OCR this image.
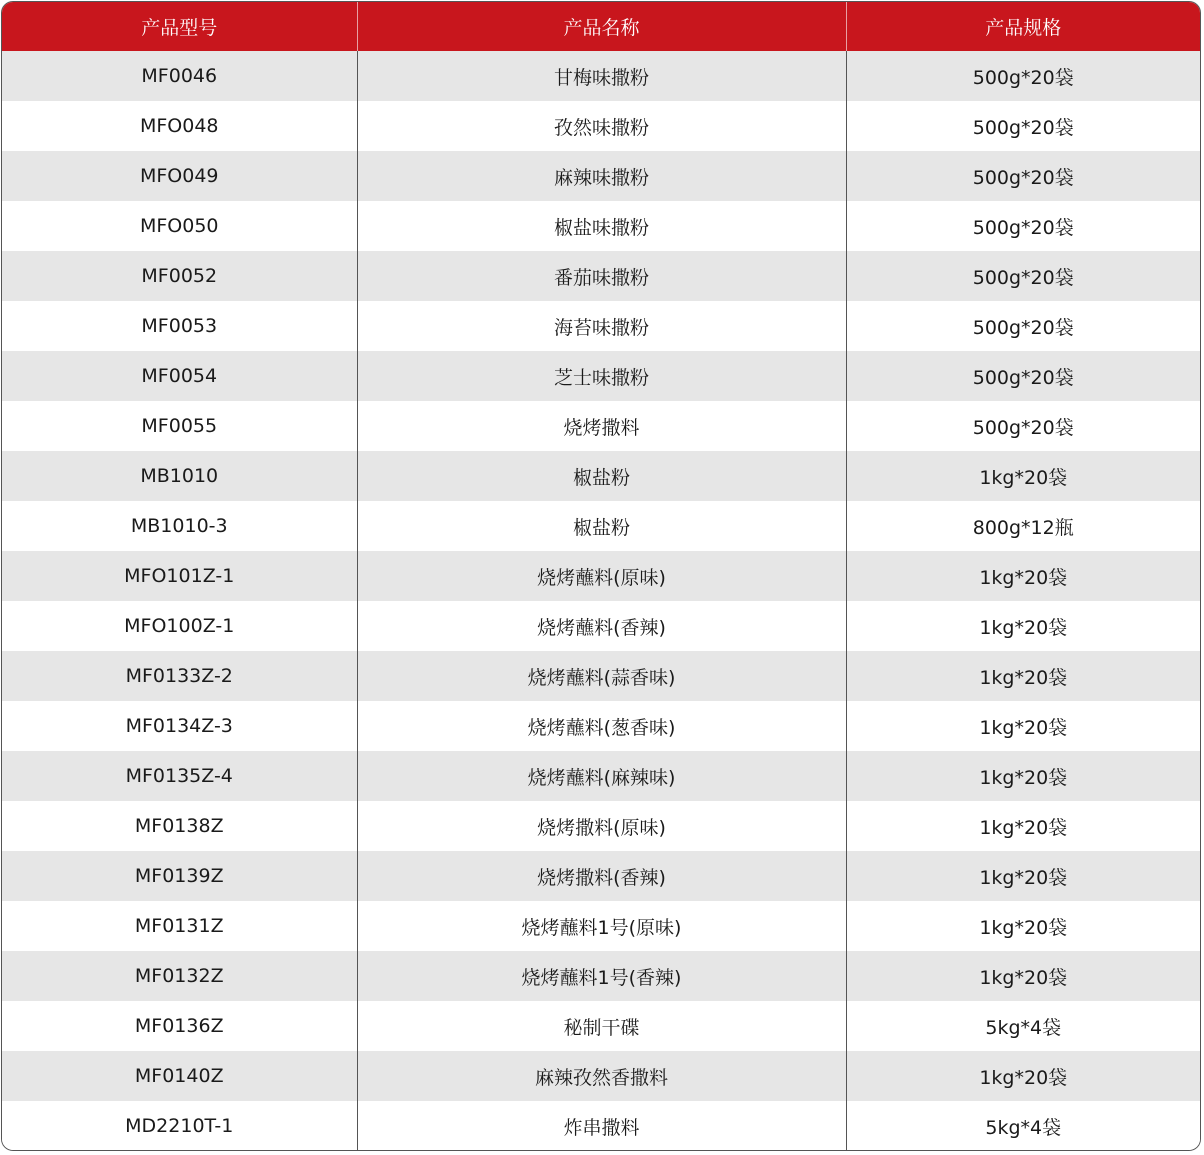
产品型号	产品名称	产品规格
MF0046	甘梅味撒粉	500g*20袋
MFO048	孜然味撒粉	500g*20袋
MFO049	麻辣味撒粉	500g*20袋
MFO050	椒盐味撒粉	500g*20袋
MF0052	番茄味撒粉	500g*20袋
MF0053	海苔味撒粉	500g*20袋
MF0054	芝士味撒粉	500g*20袋
MF0055	烧烤撒料	500g*20袋
MB1010	椒盐粉	1kg*20袋
MB1010-3	椒盐粉	800g*12瓶
MFO101Z-1	烧烤蘸料(原味)	1kg*20袋
MFO100Z-1	烧烤蘸料(香辣)	1kg*20袋
MF0133Z-2	烧烤蘸料(蒜香味)	1kg*20袋
MF0134Z-3	烧烤蘸料(葱香味)	1kg*20袋
MF0135Z-4	烧烤蘸料(麻辣味)	1kg*20袋
MF0138Z	烧烤撒料(原味)	1kg*20袋
MF0139Z	烧烤撒料(香辣)	1kg*20袋
MF0131Z	烧烤蘸料1号(原味)	1kg*20袋
MF0132Z	烧烤蘸料1号(香辣)	1kg*20袋
MF0136Z	秘制干碟	5kg*4袋
MF0140Z	麻辣孜然香撒料	1kg*20袋
MD2210T-1	炸串撒料	5kg*4袋
